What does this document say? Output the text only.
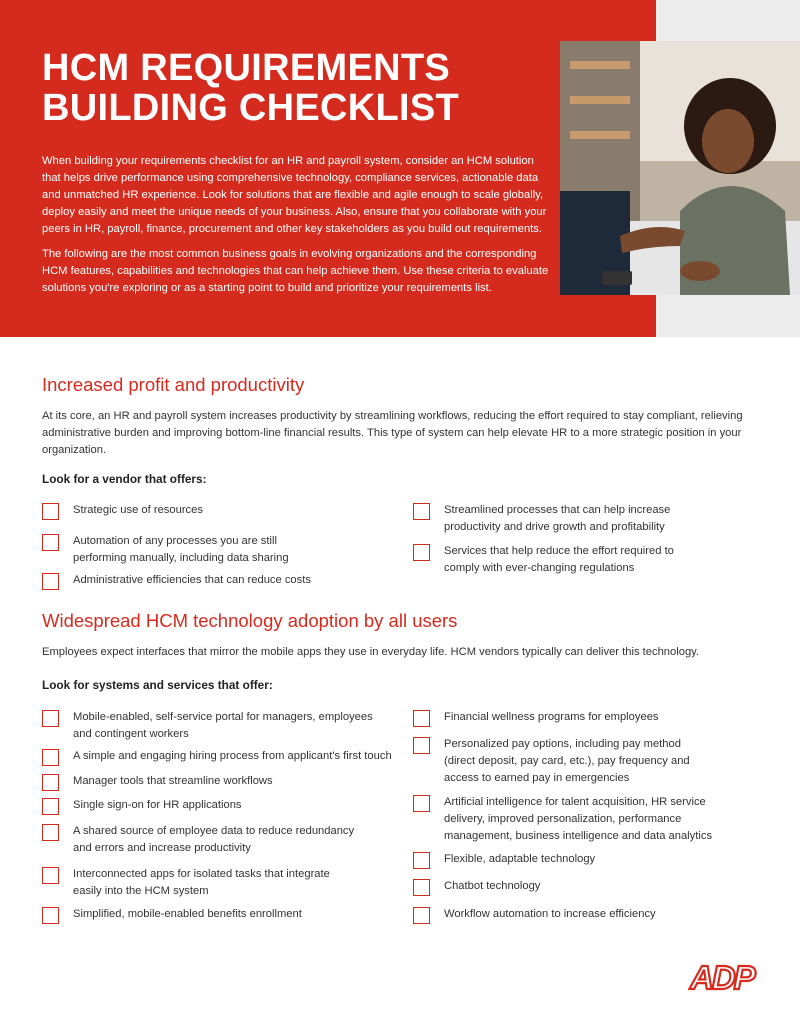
HCM REQUIREMENTS
BUILDING CHECKLIST

When building your requirements checklist for an HR and payroll system, consider an HCM solution that helps drive performance using comprehensive technology, compliance services, actionable data and unmatched HR experience. Look for solutions that are flexible and agile enough to scale globally, deploy easily and meet the unique needs of your business. Also, ensure that you collaborate with your peers in HR, payroll, finance, procurement and other key stakeholders as you build out requirements.

The following are the most common business goals in evolving organizations and the corresponding HCM features, capabilities and technologies that can help achieve them. Use these criteria to evaluate solutions you're exploring or as a starting point to build and prioritize your requirements list.

Increased profit and productivity

At its core, an HR and payroll system increases productivity by streamlining workflows, reducing the effort required to stay compliant, relieving administrative burden and improving bottom-line financial results. This type of system can help elevate HR to a more strategic position in your organization.

Look for a vendor that offers:

Strategic use of resources

Automation of any processes you are still performing manually, including data sharing

Administrative efficiencies that can reduce costs

Streamlined processes that can help increase productivity and drive growth and profitability

Services that help reduce the effort required to comply with ever-changing regulations

Widespread HCM technology adoption by all users

Employees expect interfaces that mirror the mobile apps they use in everyday life. HCM vendors typically can deliver this technology.

Look for systems and services that offer:

Mobile-enabled, self-service portal for managers, employees and contingent workers

A simple and engaging hiring process from applicant's first touch

Manager tools that streamline workflows

Single sign-on for HR applications

A shared source of employee data to reduce redundancy and errors and increase productivity

Interconnected apps for isolated tasks that integrate easily into the HCM system

Simplified, mobile-enabled benefits enrollment

Financial wellness programs for employees

Personalized pay options, including pay method (direct deposit, pay card, etc.), pay frequency and access to earned pay in emergencies

Artificial intelligence for talent acquisition, HR service delivery, improved personalization, performance management, business intelligence and data analytics

Flexible, adaptable technology

Chatbot technology

Workflow automation to increase efficiency

ADP
